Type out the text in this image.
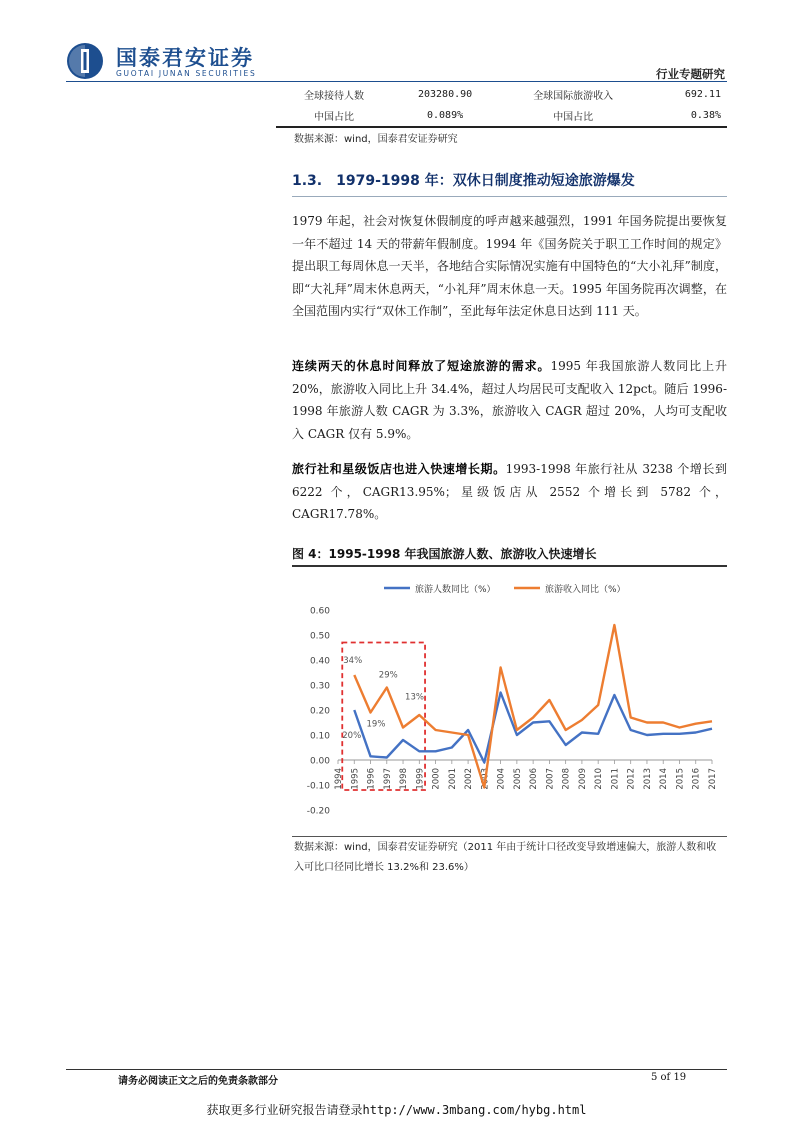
国泰君安证券
GUOTAI JUNAN SECURITIES	行业专题研究
全球接待人数	203280.90	全球国际旅游收入	692.11
中国占比	0.089%	中国占比	0.38%
数据来源：wind，国泰君安证券研究
1.3. 1979-1998 年：双休日制度推动短途旅游爆发
1979 年起，社会对恢复休假制度的呼声越来越强烈，1991 年国务院提出要恢复一年不超过 14 天的带薪年假制度。1994 年《国务院关于职工工作时间的规定》提出职工每周休息一天半，各地结合实际情况实施有中国特色的“大小礼拜”制度，即“大礼拜”周末休息两天，“小礼拜”周末休息一天。1995 年国务院再次调整，在全国范围内实行“双休工作制”，至此每年法定休息日达到 111 天。
连续两天的休息时间释放了短途旅游的需求。1995 年我国旅游人数同比上升 20%，旅游收入同比上升 34.4%，超过人均居民可支配收入 12pct。随后 1996-1998 年旅游人数 CAGR 为 3.3%，旅游收入 CAGR 超过 20%，人均可支配收入 CAGR 仅有 5.9%。
旅行社和星级饭店也进入快速增长期。1993-1998 年旅行社从 3238 个增长到 6222 个，CAGR13.95%；星级饭店从 2552 个增长到 5782 个，CAGR17.78%。
图 4：1995-1998 年我国旅游人数、旅游收入快速增长
旅游人数同比（%）	旅游收入同比（%）
0.60
0.50
0.40
0.30
0.20
0.10
0.00
-0.10
-0.20
1994 1995 1996 1997 1998 1999 2000 2001 2002 2003 2004 2005 2006 2007 2008 2009 2010 2011 2012 2013 2014 2015 2016 2017
34%
19%
29%
13%
20%
数据来源：wind，国泰君安证券研究（2011 年由于统计口径改变导致增速偏大，旅游人数和收入可比口径同比增长 13.2%和 23.6%）
请务必阅读正文之后的免责条款部分	5 of 19
获取更多行业研究报告请登录http://www.3mbang.com/hybg.html
